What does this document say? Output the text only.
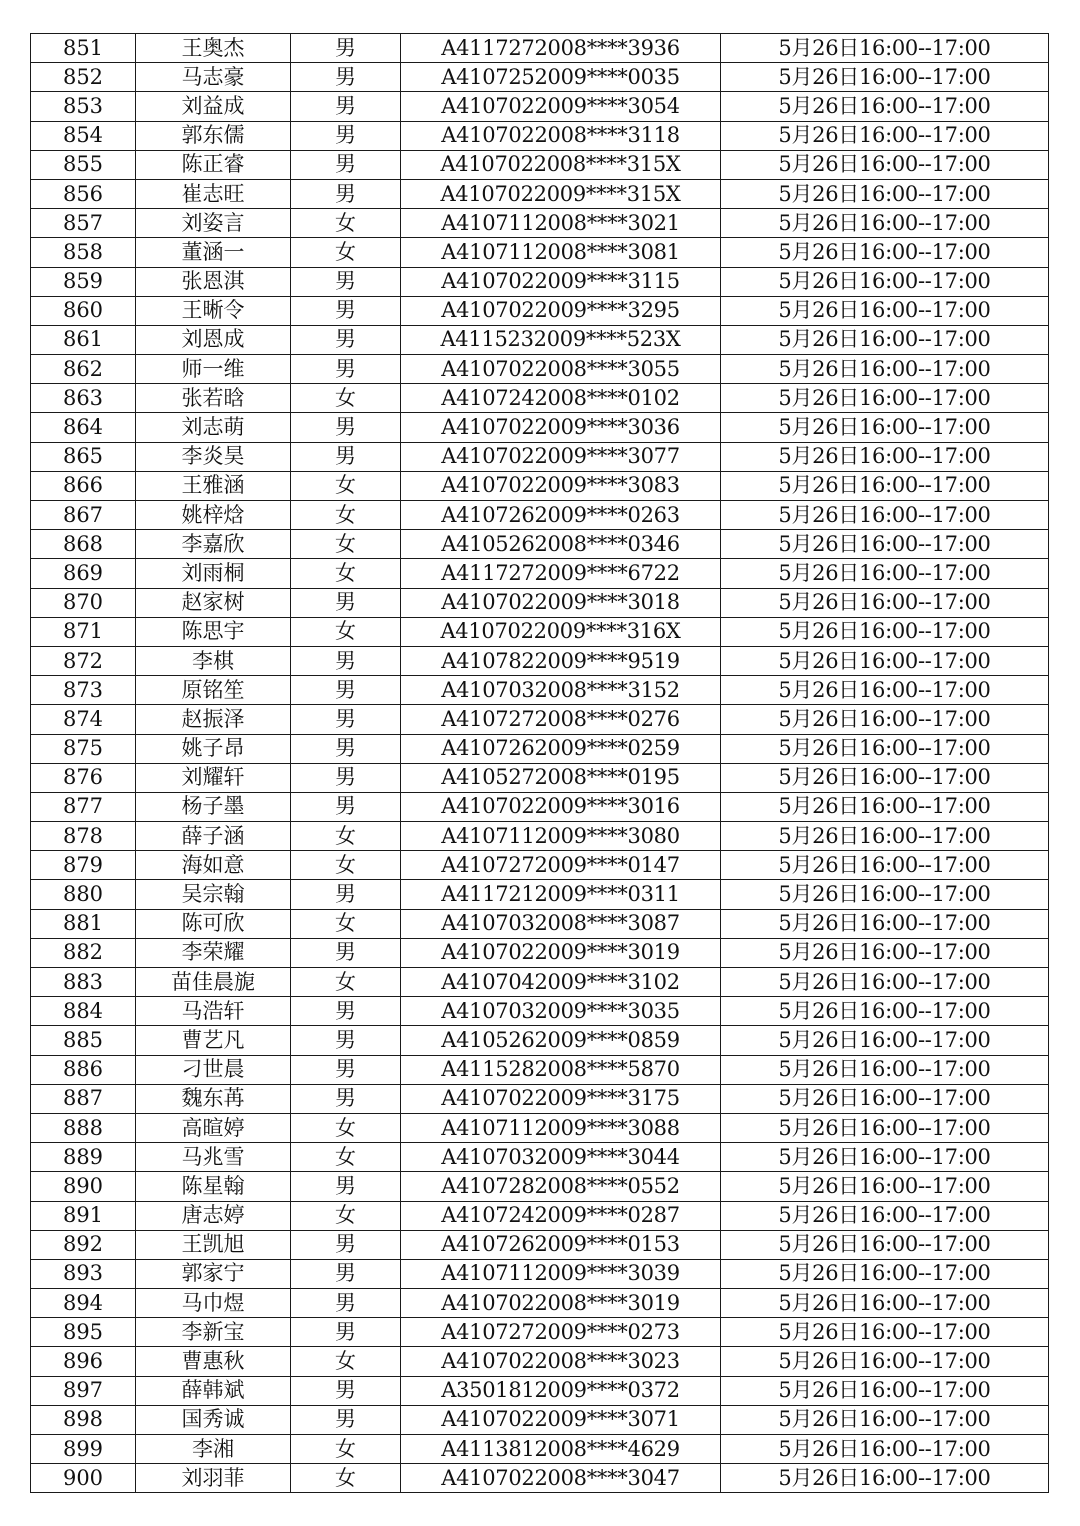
851	王奥杰	男	A4117272008****3936	5月26日16:00--17:00
852	马志豪	男	A4107252009****0035	5月26日16:00--17:00
853	刘益成	男	A4107022009****3054	5月26日16:00--17:00
854	郭东儒	男	A4107022008****3118	5月26日16:00--17:00
855	陈正睿	男	A4107022008****315X	5月26日16:00--17:00
856	崔志旺	男	A4107022009****315X	5月26日16:00--17:00
857	刘姿言	女	A4107112008****3021	5月26日16:00--17:00
858	董涵一	女	A4107112008****3081	5月26日16:00--17:00
859	张恩淇	男	A4107022009****3115	5月26日16:00--17:00
860	王晰令	男	A4107022009****3295	5月26日16:00--17:00
861	刘恩成	男	A4115232009****523X	5月26日16:00--17:00
862	师一维	男	A4107022008****3055	5月26日16:00--17:00
863	张若晗	女	A4107242008****0102	5月26日16:00--17:00
864	刘志萌	男	A4107022009****3036	5月26日16:00--17:00
865	李炎昊	男	A4107022009****3077	5月26日16:00--17:00
866	王雅涵	女	A4107022009****3083	5月26日16:00--17:00
867	姚梓焓	女	A4107262009****0263	5月26日16:00--17:00
868	李嘉欣	女	A4105262008****0346	5月26日16:00--17:00
869	刘雨桐	女	A4117272009****6722	5月26日16:00--17:00
870	赵家树	男	A4107022009****3018	5月26日16:00--17:00
871	陈思宇	女	A4107022009****316X	5月26日16:00--17:00
872	李棋	男	A4107822009****9519	5月26日16:00--17:00
873	原铭笙	男	A4107032008****3152	5月26日16:00--17:00
874	赵振泽	男	A4107272008****0276	5月26日16:00--17:00
875	姚子昂	男	A4107262009****0259	5月26日16:00--17:00
876	刘耀轩	男	A4105272008****0195	5月26日16:00--17:00
877	杨子墨	男	A4107022009****3016	5月26日16:00--17:00
878	薛子涵	女	A4107112009****3080	5月26日16:00--17:00
879	海如意	女	A4107272009****0147	5月26日16:00--17:00
880	吴宗翰	男	A4117212009****0311	5月26日16:00--17:00
881	陈可欣	女	A4107032008****3087	5月26日16:00--17:00
882	李荣耀	男	A4107022009****3019	5月26日16:00--17:00
883	苗佳晨旎	女	A4107042009****3102	5月26日16:00--17:00
884	马浩轩	男	A4107032009****3035	5月26日16:00--17:00
885	曹艺凡	男	A4105262009****0859	5月26日16:00--17:00
886	刁世晨	男	A4115282008****5870	5月26日16:00--17:00
887	魏东苒	男	A4107022009****3175	5月26日16:00--17:00
888	高暄婷	女	A4107112009****3088	5月26日16:00--17:00
889	马兆雪	女	A4107032009****3044	5月26日16:00--17:00
890	陈星翰	男	A4107282008****0552	5月26日16:00--17:00
891	唐志婷	女	A4107242009****0287	5月26日16:00--17:00
892	王凯旭	男	A4107262009****0153	5月26日16:00--17:00
893	郭家宁	男	A4107112009****3039	5月26日16:00--17:00
894	马巾煜	男	A4107022008****3019	5月26日16:00--17:00
895	李新宝	男	A4107272009****0273	5月26日16:00--17:00
896	曹惠秋	女	A4107022008****3023	5月26日16:00--17:00
897	薛韩斌	男	A3501812009****0372	5月26日16:00--17:00
898	国秀诚	男	A4107022009****3071	5月26日16:00--17:00
899	李湘	女	A4113812008****4629	5月26日16:00--17:00
900	刘羽菲	女	A4107022008****3047	5月26日16:00--17:00
